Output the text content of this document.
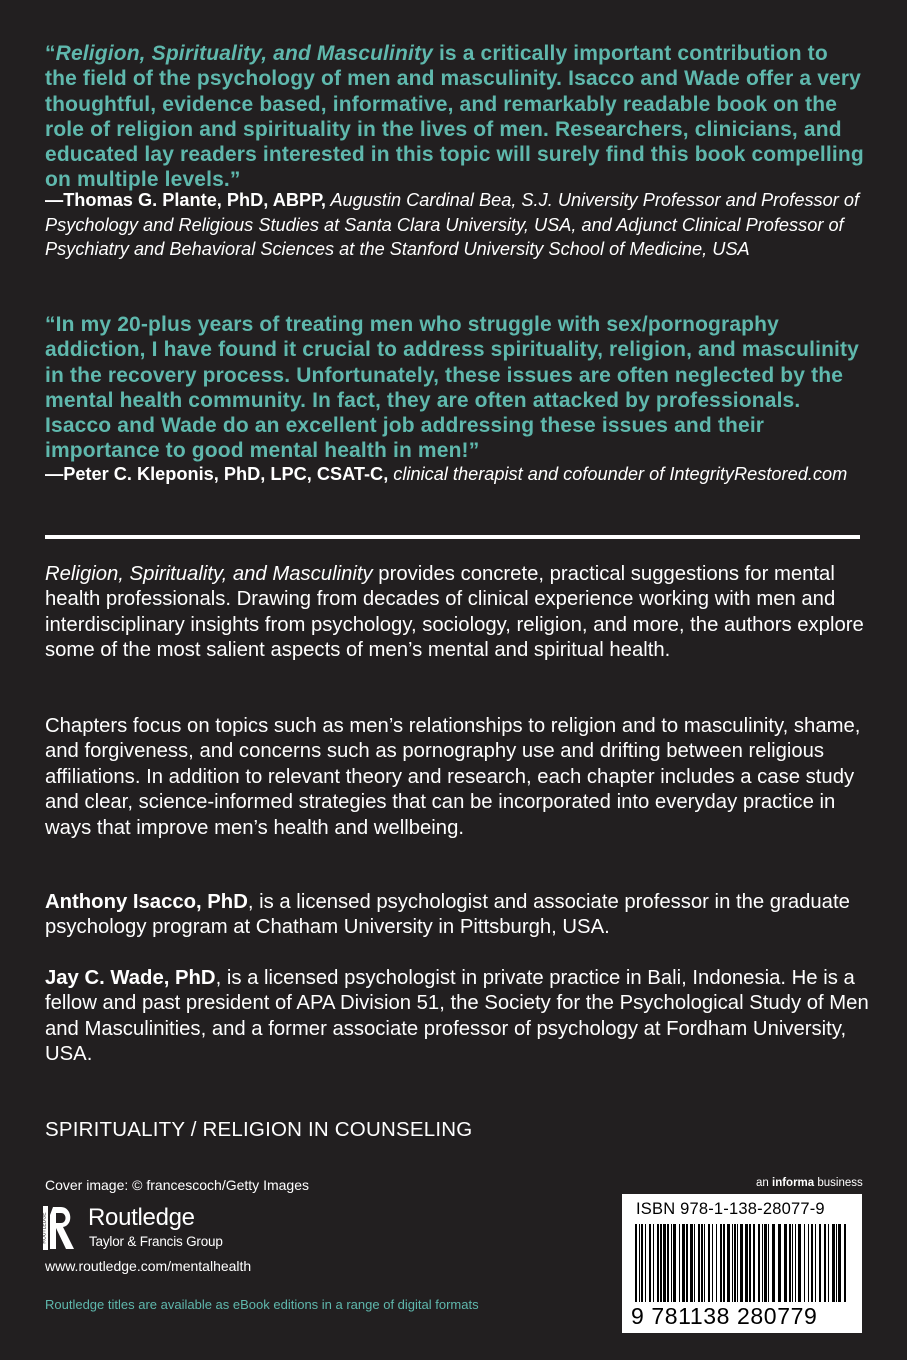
“Religion, Spirituality, and Masculinity is a critically important contribution to the field of the psychology of men and masculinity. Isacco and Wade offer a very thoughtful, evidence based, informative, and remarkably readable book on the role of religion and spirituality in the lives of men. Researchers, clinicians, and educated lay readers interested in this topic will surely find this book compelling on multiple levels.”
—Thomas G. Plante, PhD, ABPP, Augustin Cardinal Bea, S.J. University Professor and Professor of Psychology and Religious Studies at Santa Clara University, USA, and Adjunct Clinical Professor of Psychiatry and Behavioral Sciences at the Stanford University School of Medicine, USA
“In my 20-plus years of treating men who struggle with sex/pornography addiction, I have found it crucial to address spirituality, religion, and masculinity in the recovery process. Unfortunately, these issues are often neglected by the mental health community. In fact, they are often attacked by professionals. Isacco and Wade do an excellent job addressing these issues and their importance to good mental health in men!”
—Peter C. Kleponis, PhD, LPC, CSAT-C, clinical therapist and cofounder of IntegrityRestored.com
Religion, Spirituality, and Masculinity provides concrete, practical suggestions for mental health professionals. Drawing from decades of clinical experience working with men and interdisciplinary insights from psychology, sociology, religion, and more, the authors explore some of the most salient aspects of men’s mental and spiritual health.
Chapters focus on topics such as men’s relationships to religion and to masculinity, shame, and forgiveness, and concerns such as pornography use and drifting between religious affiliations. In addition to relevant theory and research, each chapter includes a case study and clear, science-informed strategies that can be incorporated into everyday practice in ways that improve men’s health and wellbeing.
Anthony Isacco, PhD, is a licensed psychologist and associate professor in the graduate psychology program at Chatham University in Pittsburgh, USA.
Jay C. Wade, PhD, is a licensed psychologist in private practice in Bali, Indonesia. He is a fellow and past president of APA Division 51, the Society for the Psychological Study of Men and Masculinities, and a former associate professor of psychology at Fordham University, USA.
SPIRITUALITY / RELIGION IN COUNSELING
Cover image: © francescoch/Getty Images
ROUTLEDGE Routledge
Taylor & Francis Group
www.routledge.com/mentalhealth
Routledge titles are available as eBook editions in a range of digital formats
an informa business
ISBN 978-1-138-28077-9
9 781138 280779
